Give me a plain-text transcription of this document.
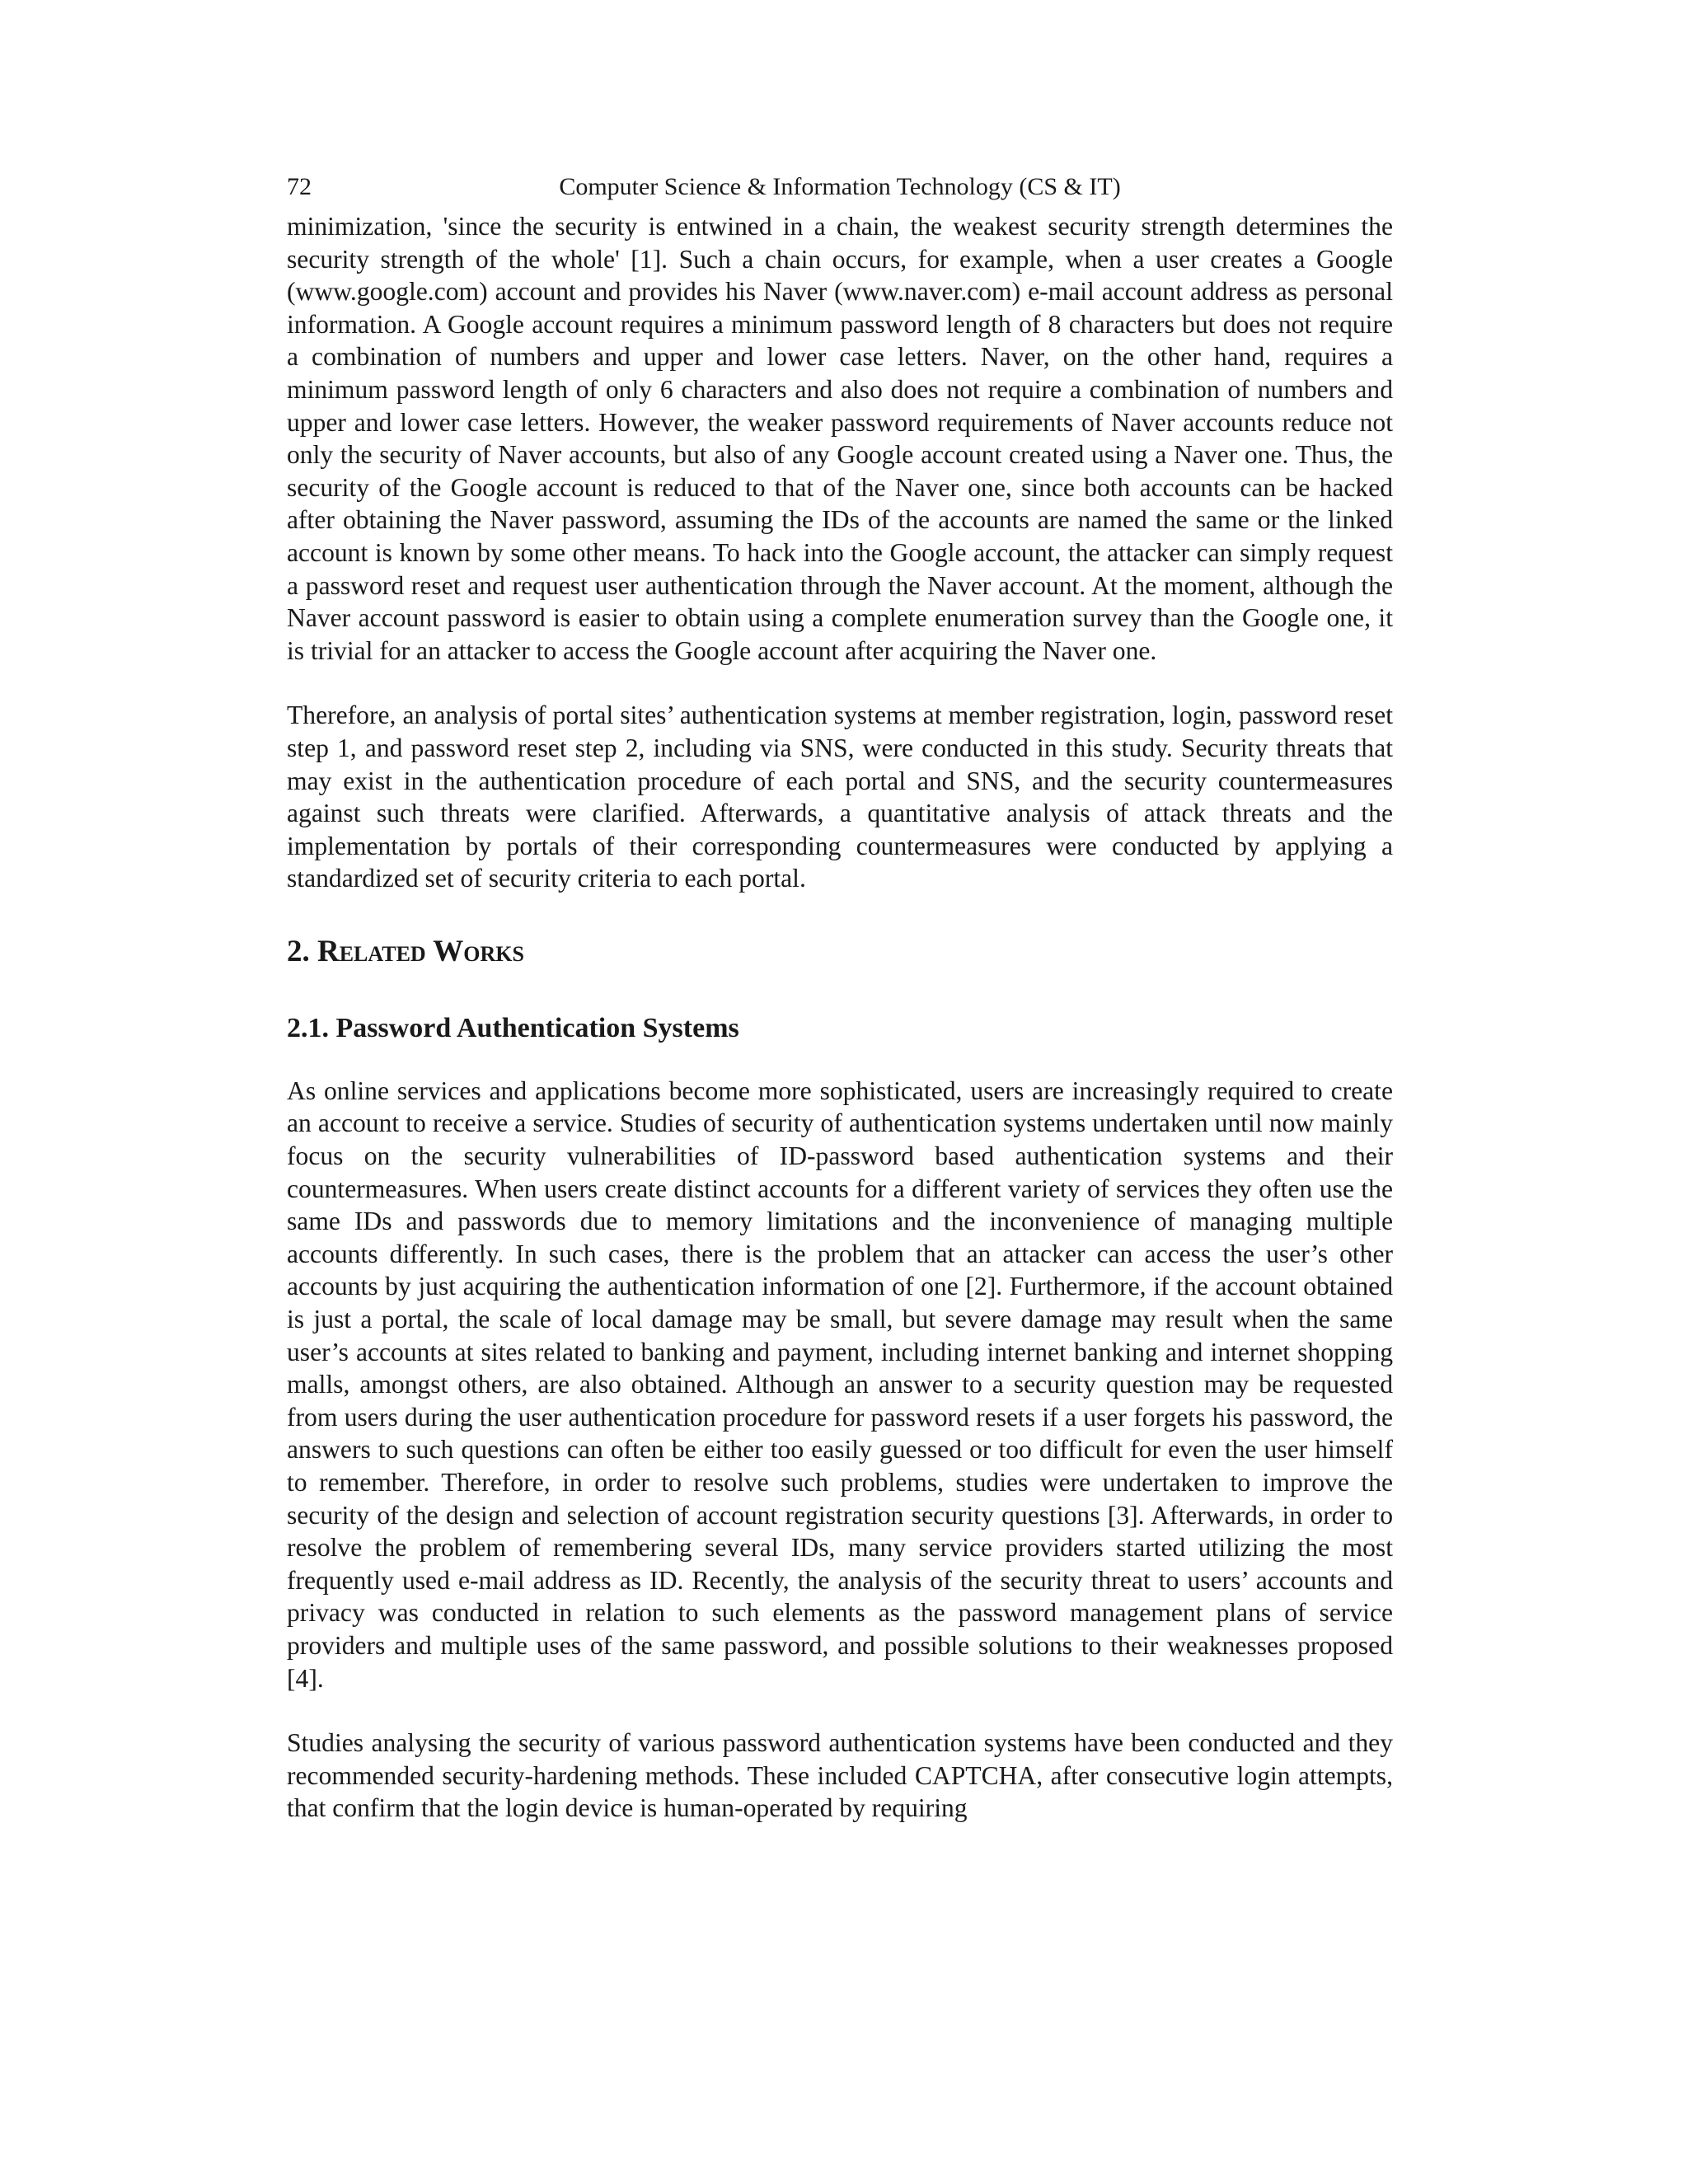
72	Computer Science & Information Technology (CS & IT)

minimization, 'since the security is entwined in a chain, the weakest security strength determines the security strength of the whole' [1]. Such a chain occurs, for example, when a user creates a Google (www.google.com) account and provides his Naver (www.naver.com) e-mail account address as personal information. A Google account requires a minimum password length of 8 characters but does not require a combination of numbers and upper and lower case letters. Naver, on the other hand, requires a minimum password length of only 6 characters and also does not require a combination of numbers and upper and lower case letters. However, the weaker password requirements of Naver accounts reduce not only the security of Naver accounts, but also of any Google account created using a Naver one. Thus, the security of the Google account is reduced to that of the Naver one, since both accounts can be hacked after obtaining the Naver password, assuming the IDs of the accounts are named the same or the linked account is known by some other means. To hack into the Google account, the attacker can simply request a password reset and request user authentication through the Naver account. At the moment, although the Naver account password is easier to obtain using a complete enumeration survey than the Google one, it is trivial for an attacker to access the Google account after acquiring the Naver one.

Therefore, an analysis of portal sites’ authentication systems at member registration, login, password reset step 1, and password reset step 2, including via SNS, were conducted in this study. Security threats that may exist in the authentication procedure of each portal and SNS, and the security countermeasures against such threats were clarified. Afterwards, a quantitative analysis of attack threats and the implementation by portals of their corresponding countermeasures were conducted by applying a standardized set of security criteria to each portal.

2. Related Works
2.1. Password Authentication Systems

As online services and applications become more sophisticated, users are increasingly required to create an account to receive a service. Studies of security of authentication systems undertaken until now mainly focus on the security vulnerabilities of ID-password based authentication systems and their countermeasures. When users create distinct accounts for a different variety of services they often use the same IDs and passwords due to memory limitations and the inconvenience of managing multiple accounts differently. In such cases, there is the problem that an attacker can access the user’s other accounts by just acquiring the authentication information of one [2]. Furthermore, if the account obtained is just a portal, the scale of local damage may be small, but severe damage may result when the same user’s accounts at sites related to banking and payment, including internet banking and internet shopping malls, amongst others, are also obtained. Although an answer to a security question may be requested from users during the user authentication procedure for password resets if a user forgets his password, the answers to such questions can often be either too easily guessed or too difficult for even the user himself to remember. Therefore, in order to resolve such problems, studies were undertaken to improve the security of the design and selection of account registration security questions [3]. Afterwards, in order to resolve the problem of remembering several IDs, many service providers started utilizing the most frequently used e-mail address as ID. Recently, the analysis of the security threat to users’ accounts and privacy was conducted in relation to such elements as the password management plans of service providers and multiple uses of the same password, and possible solutions to their weaknesses proposed [4].

Studies analysing the security of various password authentication systems have been conducted and they recommended security-hardening methods. These included CAPTCHA, after consecutive login attempts, that confirm that the login device is human-operated by requiring
